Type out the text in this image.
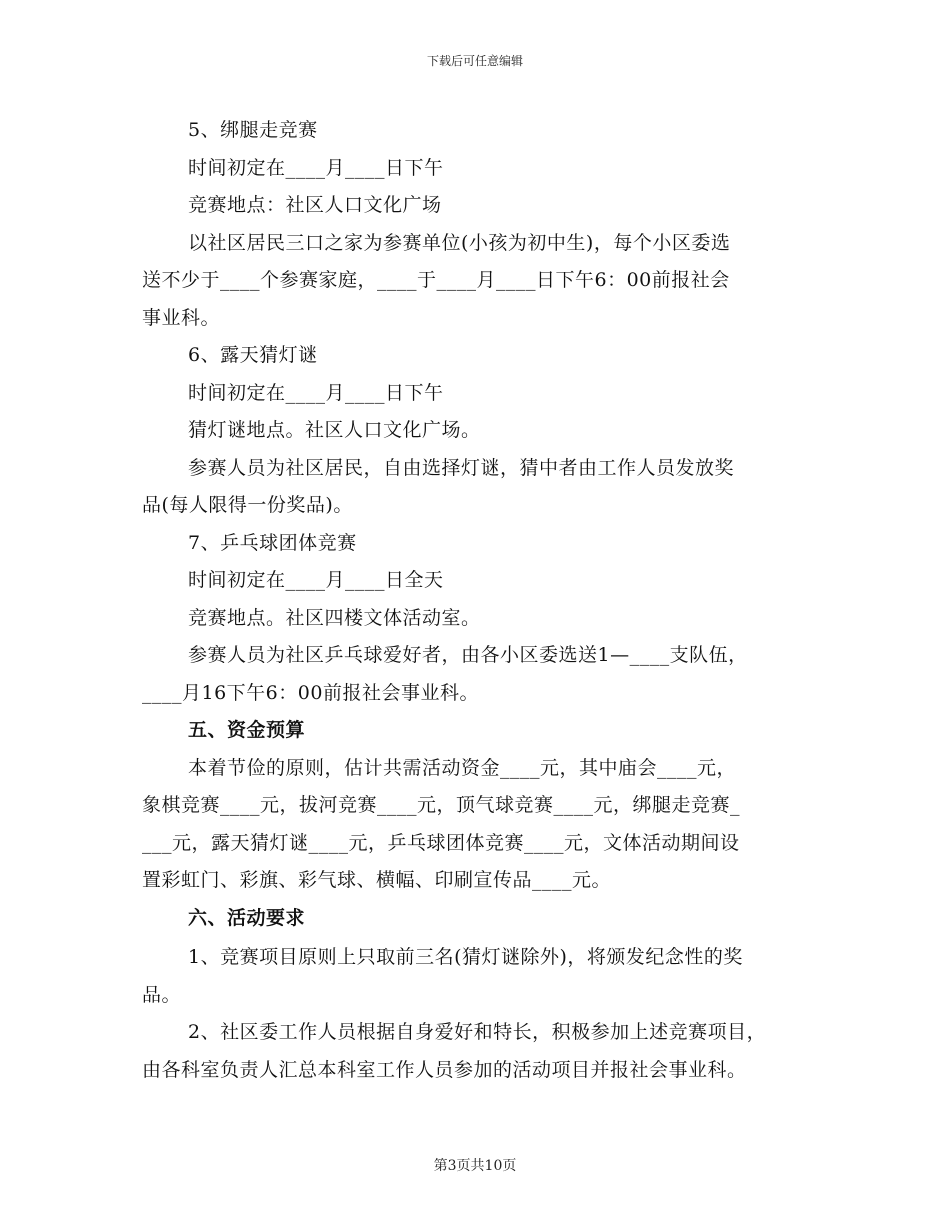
下载后可任意编辑
5、绑腿走竞赛
时间初定在____月____日下午
竞赛地点：社区人口文化广场
以社区居民三口之家为参赛单位(小孩为初中生)，每个小区委选
送不少于____个参赛家庭，____于____月____日下午6：00前报社会
事业科。
6、露天猜灯谜
时间初定在____月____日下午
猜灯谜地点。社区人口文化广场。
参赛人员为社区居民，自由选择灯谜，猜中者由工作人员发放奖
品(每人限得一份奖品)。
7、乒乓球团体竞赛
时间初定在____月____日全天
竞赛地点。社区四楼文体活动室。
参赛人员为社区乒乓球爱好者，由各小区委选送1—____支队伍，
____月16下午6：00前报社会事业科。
五、资金预算
本着节俭的原则，估计共需活动资金____元，其中庙会____元，
象棋竞赛____元，拔河竞赛____元，顶气球竞赛____元，绑腿走竞赛_
___元，露天猜灯谜____元，乒乓球团体竞赛____元，文体活动期间设
置彩虹门、彩旗、彩气球、横幅、印刷宣传品____元。
六、活动要求
1、竞赛项目原则上只取前三名(猜灯谜除外)，将颁发纪念性的奖
品。
2、社区委工作人员根据自身爱好和特长，积极参加上述竞赛项目，
由各科室负责人汇总本科室工作人员参加的活动项目并报社会事业科。
第3页共10页
